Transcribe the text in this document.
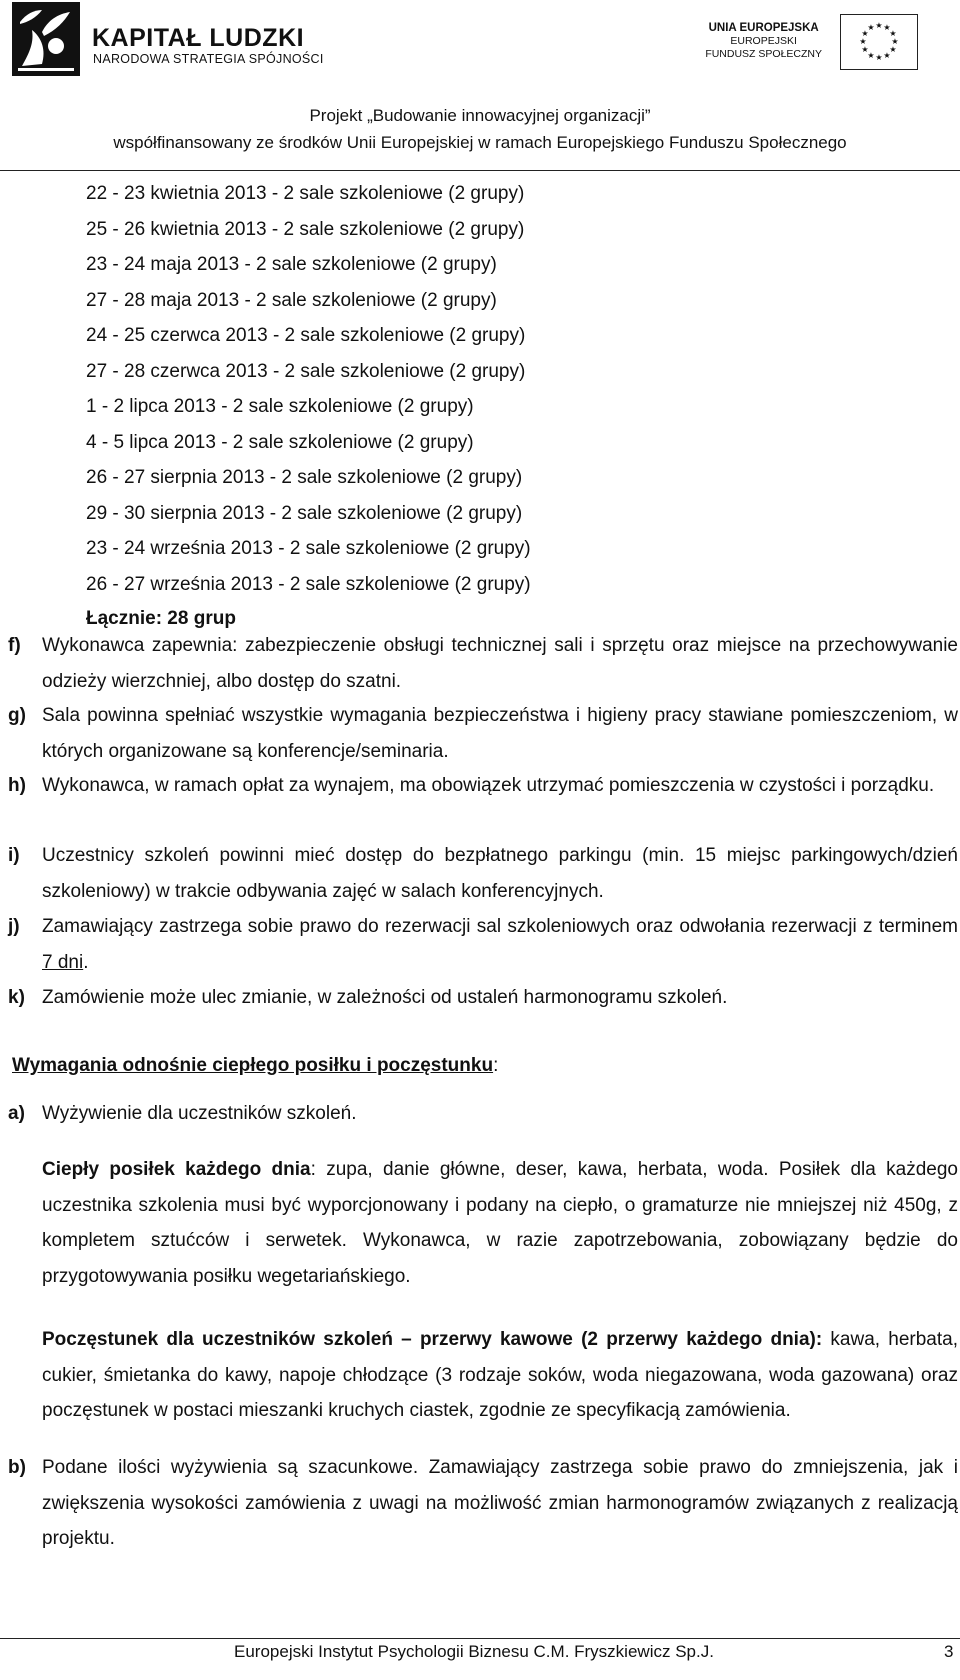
KAPITAŁ LUDZKI
NARODOWA STRATEGIA SPÓJNOŚCI
UNIA EUROPEJSKA
EUROPEJSKI
FUNDUSZ SPOŁECZNY
★ ★
★
★
★
★
★
★
★
★
★
★
Projekt „Budowanie innowacyjnej organizacji”
współfinansowany ze środków Unii Europejskiej w ramach Europejskiego Funduszu Społecznego
22 - 23 kwietnia 2013 - 2 sale szkoleniowe (2 grupy)
25 - 26 kwietnia 2013 - 2 sale szkoleniowe (2 grupy)
23 - 24 maja 2013 - 2 sale szkoleniowe (2 grupy)
27 - 28 maja 2013 - 2 sale szkoleniowe (2 grupy)
24 - 25 czerwca 2013 - 2 sale szkoleniowe (2 grupy)
27 - 28 czerwca 2013 - 2 sale szkoleniowe (2 grupy)
1 - 2 lipca 2013 - 2 sale szkoleniowe (2 grupy)
4 - 5 lipca 2013 - 2 sale szkoleniowe (2 grupy)
26 - 27 sierpnia 2013 - 2 sale szkoleniowe (2 grupy)
29 - 30 sierpnia 2013 - 2 sale szkoleniowe (2 grupy)
23 - 24 września 2013 - 2 sale szkoleniowe (2 grupy)
26 - 27 września 2013 - 2 sale szkoleniowe (2 grupy)
Łącznie: 28 grup
f) Wykonawca zapewnia: zabezpieczenie obsługi technicznej sali i sprzętu oraz miejsce na przechowywanie odzieży wierzchniej, albo dostęp do szatni.
g) Sala powinna spełniać wszystkie wymagania bezpieczeństwa i higieny pracy stawiane pomieszczeniom, w których organizowane są konferencje/seminaria.
h) Wykonawca, w ramach opłat za wynajem, ma obowiązek utrzymać pomieszczenia w czystości i porządku.
i) Uczestnicy szkoleń powinni mieć dostęp do bezpłatnego parkingu (min. 15 miejsc parkingowych/dzień szkoleniowy) w trakcie odbywania zajęć w salach konferencyjnych.
j) Zamawiający zastrzega sobie prawo do rezerwacji sal szkoleniowych oraz odwołania rezerwacji z terminem 7 dni.
k) Zamówienie może ulec zmianie, w zależności od ustaleń harmonogramu szkoleń.
Wymagania odnośnie ciepłego posiłku i poczęstunku:
a) Wyżywienie dla uczestników szkoleń.
Ciepły posiłek każdego dnia: zupa, danie główne, deser, kawa, herbata, woda. Posiłek dla każdego uczestnika szkolenia musi być wyporcjonowany i podany na ciepło, o gramaturze nie mniejszej niż 450g, z kompletem sztućców i serwetek. Wykonawca, w razie zapotrzebowania, zobowiązany będzie do przygotowywania posiłku wegetariańskiego.
Poczęstunek dla uczestników szkoleń – przerwy kawowe (2 przerwy każdego dnia): kawa, herbata, cukier, śmietanka do kawy, napoje chłodzące (3 rodzaje soków, woda niegazowana, woda gazowana) oraz poczęstunek w postaci mieszanki kruchych ciastek, zgodnie ze specyfikacją zamówienia.
b) Podane ilości wyżywienia są szacunkowe. Zamawiający zastrzega sobie prawo do zmniejszenia, jak i zwiększenia wysokości zamówienia z uwagi na możliwość zmian harmonogramów związanych z realizacją projektu.
Europejski Instytut Psychologii Biznesu C.M. Fryszkiewicz Sp.J.	3
